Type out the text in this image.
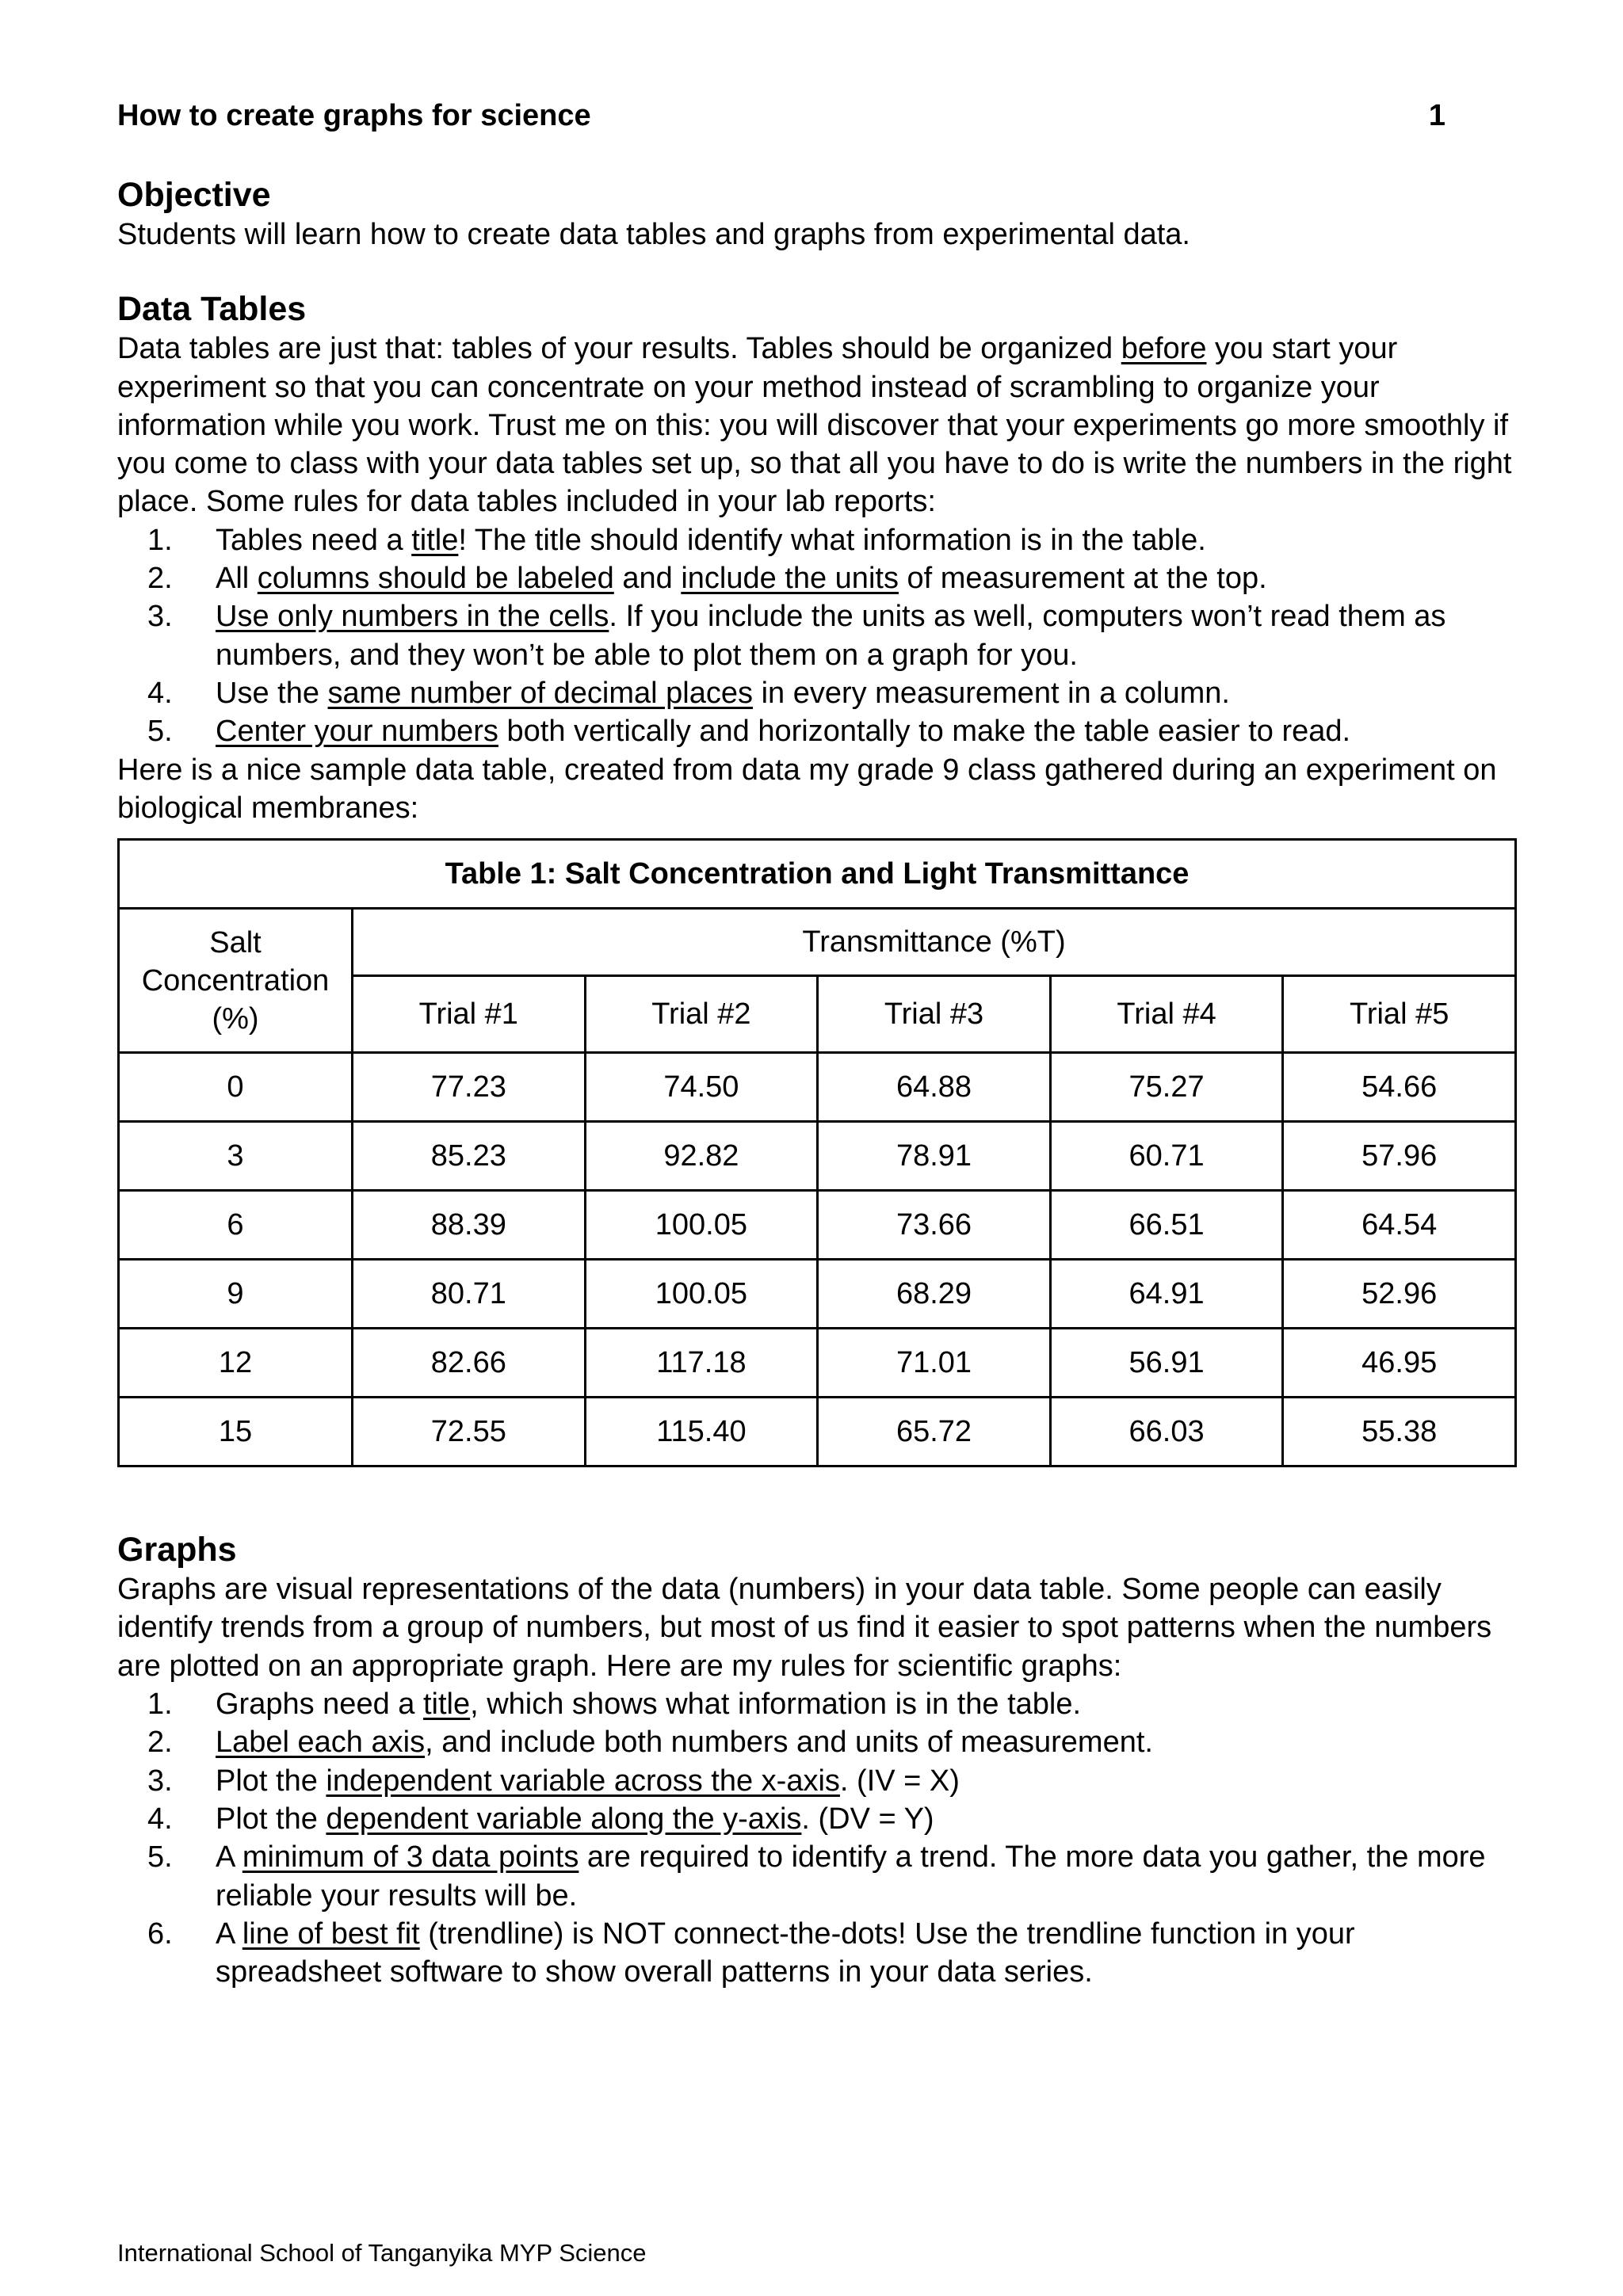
How to create graphs for science	1
Objective

Students will learn how to create data tables and graphs from experimental data.

Data Tables

Data tables are just that: tables of your results. Tables should be organized before you start your experiment so that you can concentrate on your method instead of scrambling to organize your information while you work. Trust me on this: you will discover that your experiments go more smoothly if you come to class with your data tables set up, so that all you have to do is write the numbers in the right place. Some rules for data tables included in your lab reports:

1. Tables need a title! The title should identify what information is in the table.
2. All columns should be labeled and include the units of measurement at the top.
3. Use only numbers in the cells. If you include the units as well, computers won’t read them as numbers, and they won’t be able to plot them on a graph for you.
4. Use the same number of decimal places in every measurement in a column.
5. Center your numbers both vertically and horizontally to make the table easier to read.

Here is a nice sample data table, created from data my grade 9 class gathered during an experiment on biological membranes:

Table 1: Salt Concentration and Light Transmittance					
Salt
Concentration
(%)	Transmittance (%T)				
	Trial #1	Trial #2	Trial #3	Trial #4	Trial #5
0	77.23	74.50	64.88	75.27	54.66
3	85.23	92.82	78.91	60.71	57.96
6	88.39	100.05	73.66	66.51	64.54
9	80.71	100.05	68.29	64.91	52.96
12	82.66	117.18	71.01	56.91	46.95
15	72.55	115.40	65.72	66.03	55.38
Graphs

Graphs are visual representations of the data (numbers) in your data table. Some people can easily identify trends from a group of numbers, but most of us find it easier to spot patterns when the numbers are plotted on an appropriate graph. Here are my rules for scientific graphs:

1. Graphs need a title, which shows what information is in the table.
2. Label each axis, and include both numbers and units of measurement.
3. Plot the independent variable across the x-axis. (IV = X)
4. Plot the dependent variable along the y-axis. (DV = Y)
5. A minimum of 3 data points are required to identify a trend. The more data you gather, the more reliable your results will be.
6. A line of best fit (trendline) is NOT connect-the-dots! Use the trendline function in your spreadsheet software to show overall patterns in your data series.
International School of Tanganyika MYP Science
